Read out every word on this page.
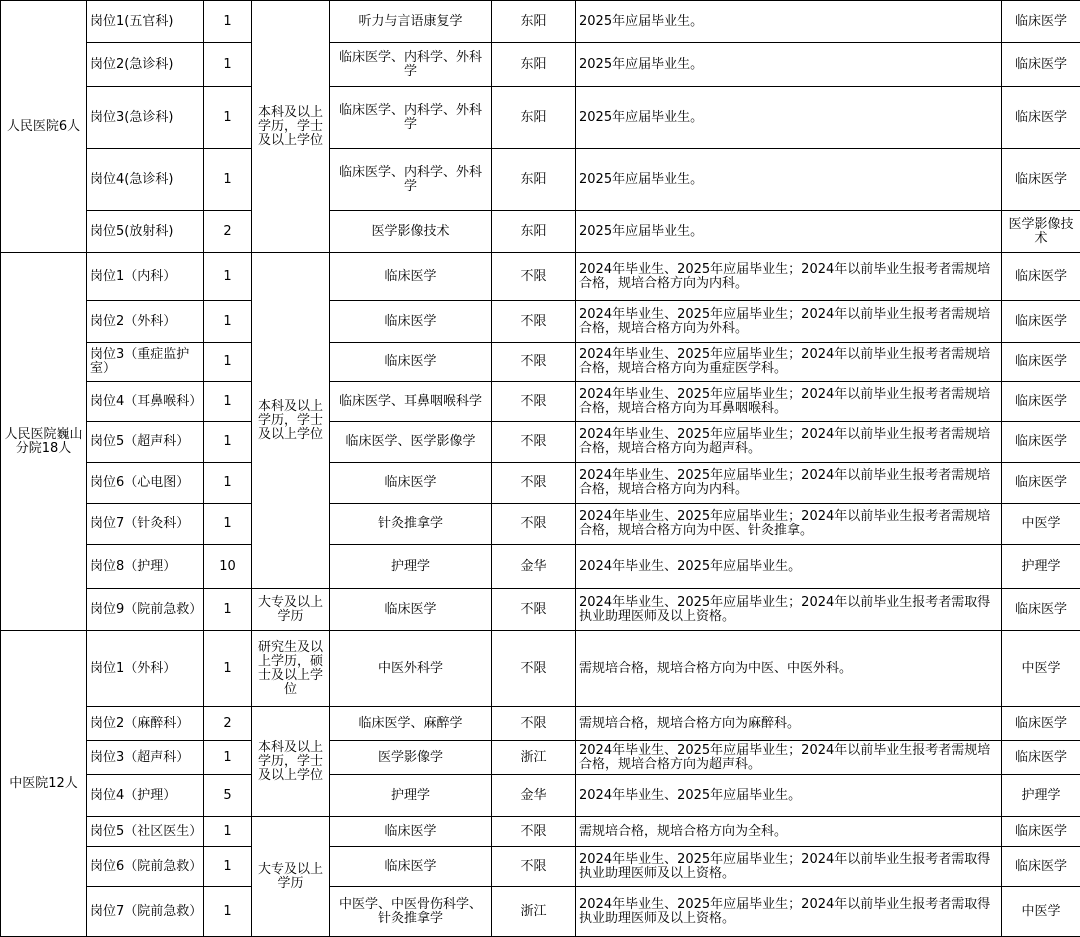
人民医院6人	岗位1(五官科)	1	本科及以上学历，学士及以上学位	听力与言语康复学	东阳	2025年应届毕业生。	临床医学
	岗位2(急诊科)	1		临床医学、内科学、外科学	东阳	2025年应届毕业生。	临床医学
	岗位3(急诊科)	1		临床医学、内科学、外科学	东阳	2025年应届毕业生。	临床医学
	岗位4(急诊科)	1		临床医学、内科学、外科学	东阳	2025年应届毕业生。	临床医学
	岗位5(放射科)	2		医学影像技术	东阳	2025年应届毕业生。	医学影像技术
人民医院巍山分院18人	岗位1（内科）	1	本科及以上学历，学士及以上学位	临床医学	不限	2024年毕业生、2025年应届毕业生；2024年以前毕业生报考者需规培合格，规培合格方向为内科。	临床医学
	岗位2（外科）	1		临床医学	不限	2024年毕业生、2025年应届毕业生；2024年以前毕业生报考者需规培合格，规培合格方向为外科。	临床医学
	岗位3（重症监护室）	1		临床医学	不限	2024年毕业生、2025年应届毕业生；2024年以前毕业生报考者需规培合格，规培合格方向为重症医学科。	临床医学
	岗位4（耳鼻喉科）	1		临床医学、耳鼻咽喉科学	不限	2024年毕业生、2025年应届毕业生；2024年以前毕业生报考者需规培合格，规培合格方向为耳鼻咽喉科。	临床医学
	岗位5（超声科）	1		临床医学、医学影像学	不限	2024年毕业生、2025年应届毕业生；2024年以前毕业生报考者需规培合格，规培合格方向为超声科。	临床医学
	岗位6（心电图）	1		临床医学	不限	2024年毕业生、2025年应届毕业生；2024年以前毕业生报考者需规培合格，规培合格方向为内科。	临床医学
	岗位7（针灸科）	1		针灸推拿学	不限	2024年毕业生、2025年应届毕业生；2024年以前毕业生报考者需规培合格，规培合格方向为中医、针灸推拿。	中医学
	岗位8（护理）	10		护理学	金华	2024年毕业生、2025年应届毕业生。	护理学
	岗位9（院前急救）	1	大专及以上学历	临床医学	不限	2024年毕业生、2025年应届毕业生；2024年以前毕业生报考者需取得执业助理医师及以上资格。	临床医学
中医院12人	岗位1（外科）	1	研究生及以上学历，硕士及以上学位	中医外科学	不限	需规培合格，规培合格方向为中医、中医外科。	中医学
	岗位2（麻醉科）	2	本科及以上学历，学士及以上学位	临床医学、麻醉学	不限	需规培合格，规培合格方向为麻醉科。	临床医学
	岗位3（超声科）	1		医学影像学	浙江	2024年毕业生、2025年应届毕业生；2024年以前毕业生报考者需规培合格，规培合格方向为超声科。	临床医学
	岗位4（护理）	5		护理学	金华	2024年毕业生、2025年应届毕业生。	护理学
	岗位5（社区医生）	1	大专及以上学历	临床医学	不限	需规培合格，规培合格方向为全科。	临床医学
	岗位6（院前急救）	1		临床医学	不限	2024年毕业生、2025年应届毕业生；2024年以前毕业生报考者需取得执业助理医师及以上资格。	临床医学
	岗位7（院前急救）	1		中医学、中医骨伤科学、针灸推拿学	浙江	2024年毕业生、2025年应届毕业生；2024年以前毕业生报考者需取得执业助理医师及以上资格。	中医学
